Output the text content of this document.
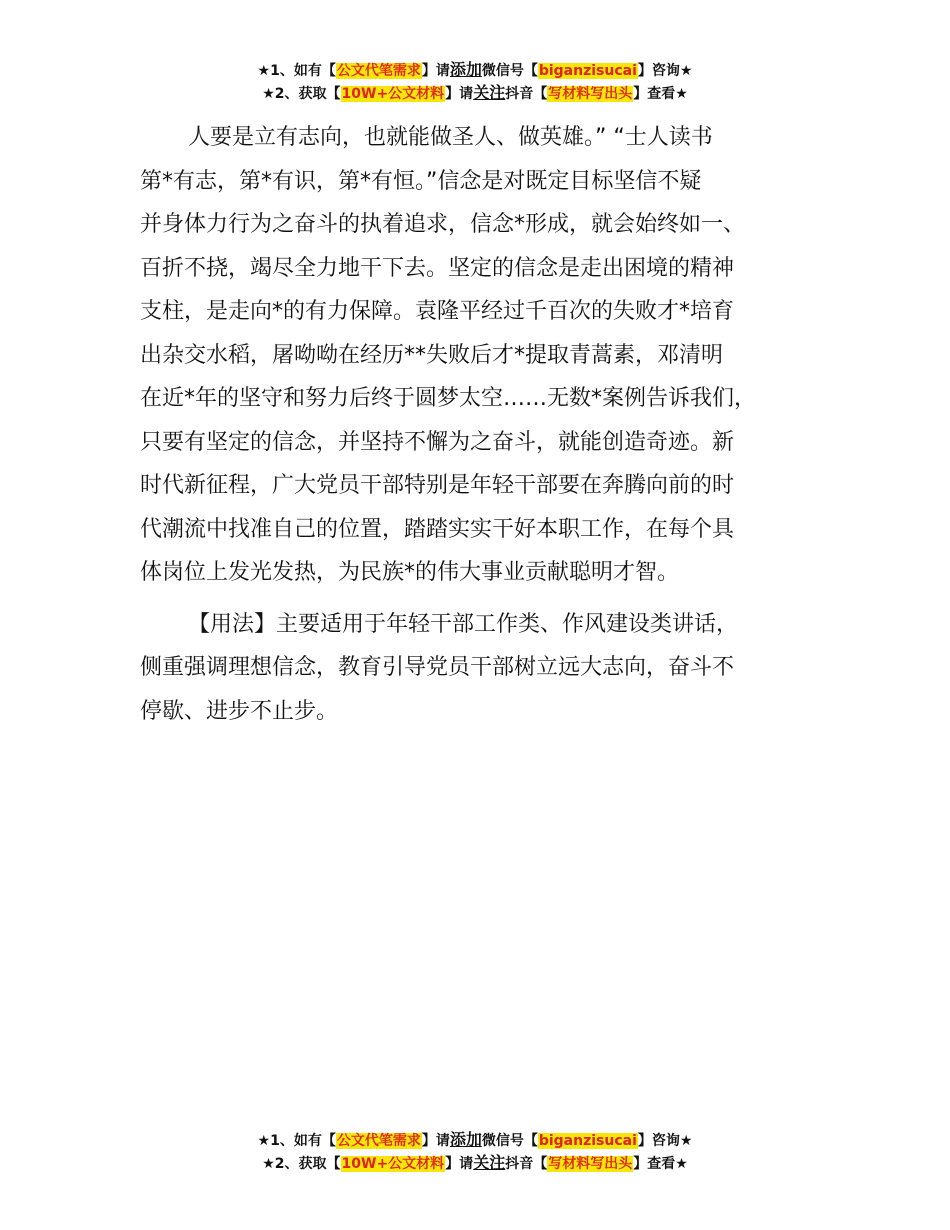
★1、如有【公文代笔需求】请添加微信号【biganzisucai】咨询★
★2、获取【10W+公文材料】请关注抖音【写材料写出头】查看★
人要是立有志向，也就能做圣人、做英雄。” “士人读书
第*有志，第*有识，第*有恒。”信念是对既定目标坚信不疑
并身体力行为之奋斗的执着追求，信念*形成，就会始终如一、
百折不挠，竭尽全力地干下去。坚定的信念是走出困境的精神
支柱，是走向*的有力保障。袁隆平经过千百次的失败才*培育
出杂交水稻，屠呦呦在经历**失败后才*提取青蒿素，邓清明
在近*年的坚守和努力后终于圆梦太空……无数*案例告诉我们，
只要有坚定的信念，并坚持不懈为之奋斗，就能创造奇迹。新
时代新征程，广大党员干部特别是年轻干部要在奔腾向前的时
代潮流中找准自己的位置，踏踏实实干好本职工作，在每个具
体岗位上发光发热，为民族*的伟大事业贡献聪明才智。
【用法】主要适用于年轻干部工作类、作风建设类讲话，
侧重强调理想信念，教育引导党员干部树立远大志向，奋斗不
停歇、进步不止步。
★1、如有【公文代笔需求】请添加微信号【biganzisucai】咨询★
★2、获取【10W+公文材料】请关注抖音【写材料写出头】查看★
